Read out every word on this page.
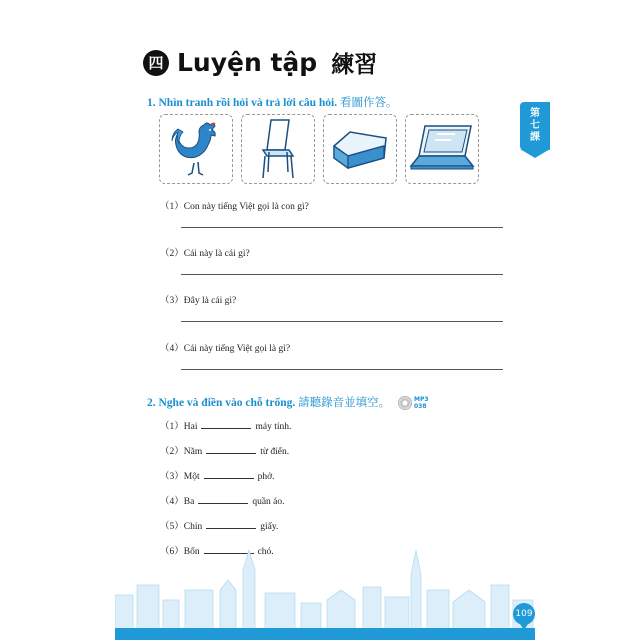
四 Luyện tập 練習
第
七
課
1. Nhìn tranh rồi hỏi và trả lời câu hỏi. 看圖作答。
（1）Con này tiếng Việt gọi là con gì?
（2）Cái này là cái gì?
（3）Đây là cái gì?
（4）Cái này tiếng Việt gọi là gì?
2. Nghe và điền vào chỗ trống. 請聽錄音並填空。	MP3
038
（1）Hai	máy tính.
（2）Năm	từ điển.
（3）Một	phở.
（4）Ba	quần áo.
（5）Chín	giấy.
（6）Bốn	chó.
109
